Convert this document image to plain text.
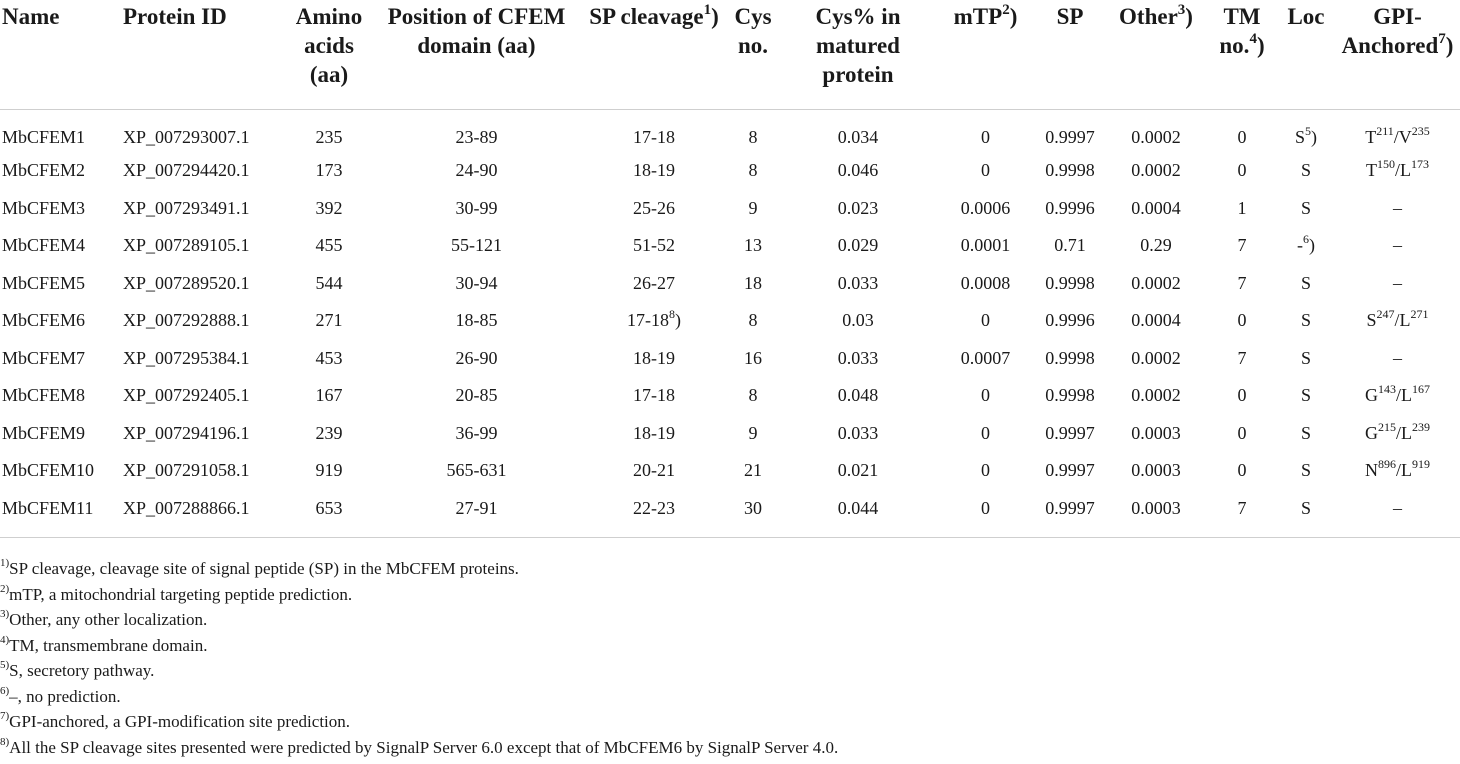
Name	Protein ID	Amino acids (aa)	Position of CFEM domain (aa)	SP cleavage$^1$)	Cys no.	Cys% in matured protein	mTP$^2$)	SP	Other$^3$)	TM no.$^4$)	Loc	GPI-Anchored$^7$)
MbCFEM1	XP_007293007.1	235	23-89	17-18	8	0.034	0	0.9997	0.0002	0	$S^5$)	$T^{211}/V^{235}$
MbCFEM2	XP_007294420.1	173	24-90	18-19	8	0.046	0	0.9998	0.0002	0	S	$T^{150}/L^{173}$
MbCFEM3	XP_007293491.1	392	30-99	25-26	9	0.023	0.0006	0.9996	0.0004	1	S	–
MbCFEM4	XP_007289105.1	455	55-121	51-52	13	0.029	0.0001	0.71	0.29	7	-$^6$)	–
MbCFEM5	XP_007289520.1	544	30-94	26-27	18	0.033	0.0008	0.9998	0.0002	7	S	–
MbCFEM6	XP_007292888.1	271	18-85	$17-18^8$)	8	0.03	0	0.9996	0.0004	0	S	$S^{247}/L^{271}$
MbCFEM7	XP_007295384.1	453	26-90	18-19	16	0.033	0.0007	0.9998	0.0002	7	S	–
MbCFEM8	XP_007292405.1	167	20-85	17-18	8	0.048	0	0.9998	0.0002	0	S	$G^{143}/L^{167}$
MbCFEM9	XP_007294196.1	239	36-99	18-19	9	0.033	0	0.9997	0.0003	0	S	$G^{215}/L^{239}$
MbCFEM10	XP_007291058.1	919	565-631	20-21	21	0.021	0	0.9997	0.0003	0	S	$N^{896}/L^{919}$
MbCFEM11	XP_007288866.1	653	27-91	22-23	30	0.044	0	0.9997	0.0003	7	S	–
$^{1)}$SP cleavage, cleavage site of signal peptide (SP) in the MbCFEM proteins.
$^{2)}$mTP, a mitochondrial targeting peptide prediction.
$^{3)}$Other, any other localization.
$^{4)}$TM, transmembrane domain.
$^{5)}$S, secretory pathway.
$^{6)}$–, no prediction.
$^{7)}$GPI-anchored, a GPI-modification site prediction.
$^{8)}$All the SP cleavage sites presented were predicted by SignalP Server 6.0 except that of MbCFEM6 by SignalP Server 4.0.
